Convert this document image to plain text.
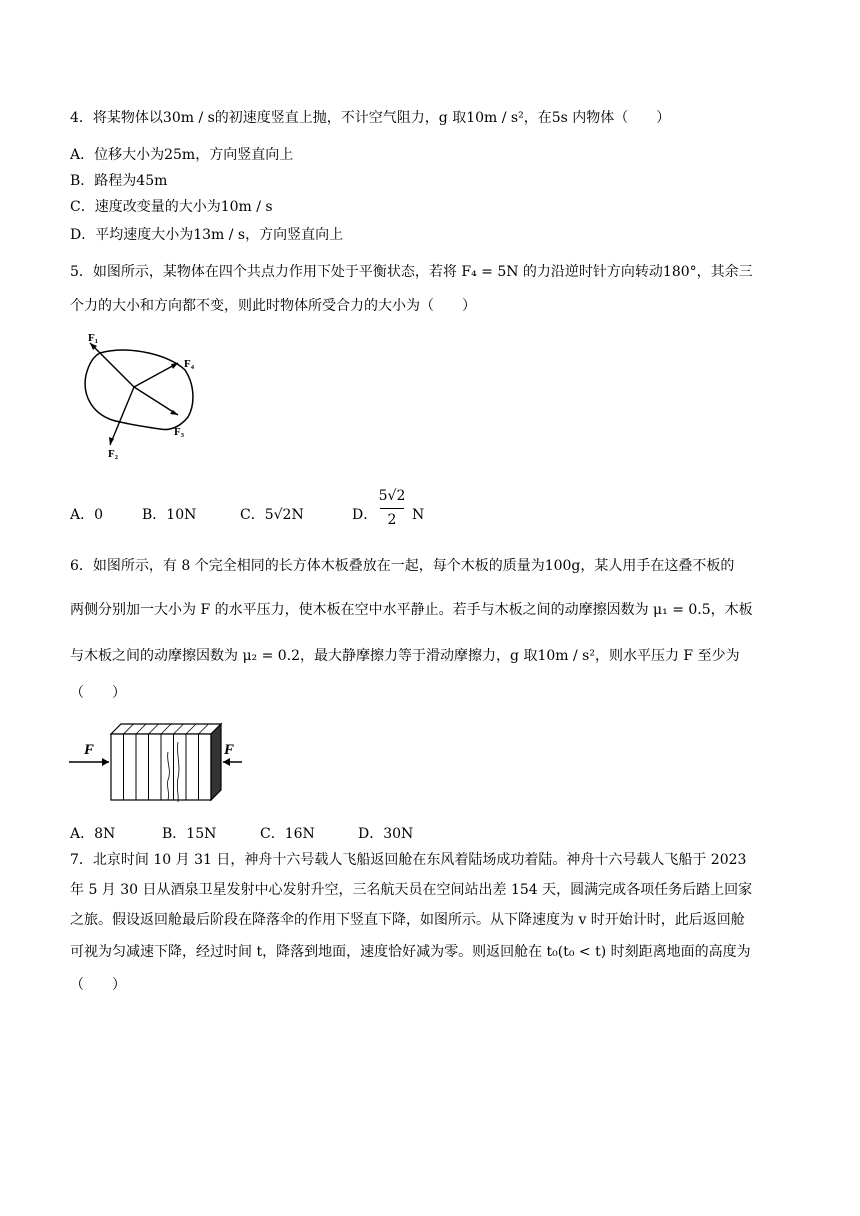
4．将某物体以30m / s的初速度竖直上抛，不计空气阻力，g 取10m / s²，在5s 内物体（　　）
A．位移大小为25m，方向竖直向上
B．路程为45m
C．速度改变量的大小为10m / s
D．平均速度大小为13m / s，方向竖直向上
5．如图所示，某物体在四个共点力作用下处于平衡状态，若将 F₄ = 5N 的力沿逆时针方向转动180°，其余三
个力的大小和方向都不变，则此时物体所受合力的大小为（　　）
F₁
F₂
F₃
F₄
A．0	B．10N	C．5√2N	D．
5√2
2	N
6．如图所示，有 8 个完全相同的长方体木板叠放在一起，每个木板的质量为100g，某人用手在这叠不板的
两侧分别加一大小为 F 的水平压力，使木板在空中水平静止。若手与木板之间的动摩擦因数为 μ₁ = 0.5，木板
与木板之间的动摩擦因数为 μ₂ = 0.2，最大静摩擦力等于滑动摩擦力，g 取10m / s²，则水平压力 F 至少为
（　　）
F	F
A．8N	B．15N	C．16N	D．30N
7．北京时间 10 月 31 日，神舟十六号载人飞船返回舱在东风着陆场成功着陆。神舟十六号载人飞船于 2023
年 5 月 30 日从酒泉卫星发射中心发射升空，三名航天员在空间站出差 154 天，圆满完成各项任务后踏上回家
之旅。假设返回舱最后阶段在降落伞的作用下竖直下降，如图所示。从下降速度为 v 时开始计时，此后返回舱
可视为匀减速下降，经过时间 t，降落到地面，速度恰好减为零。则返回舱在 t₀(t₀ < t) 时刻距离地面的高度为
（　　）
